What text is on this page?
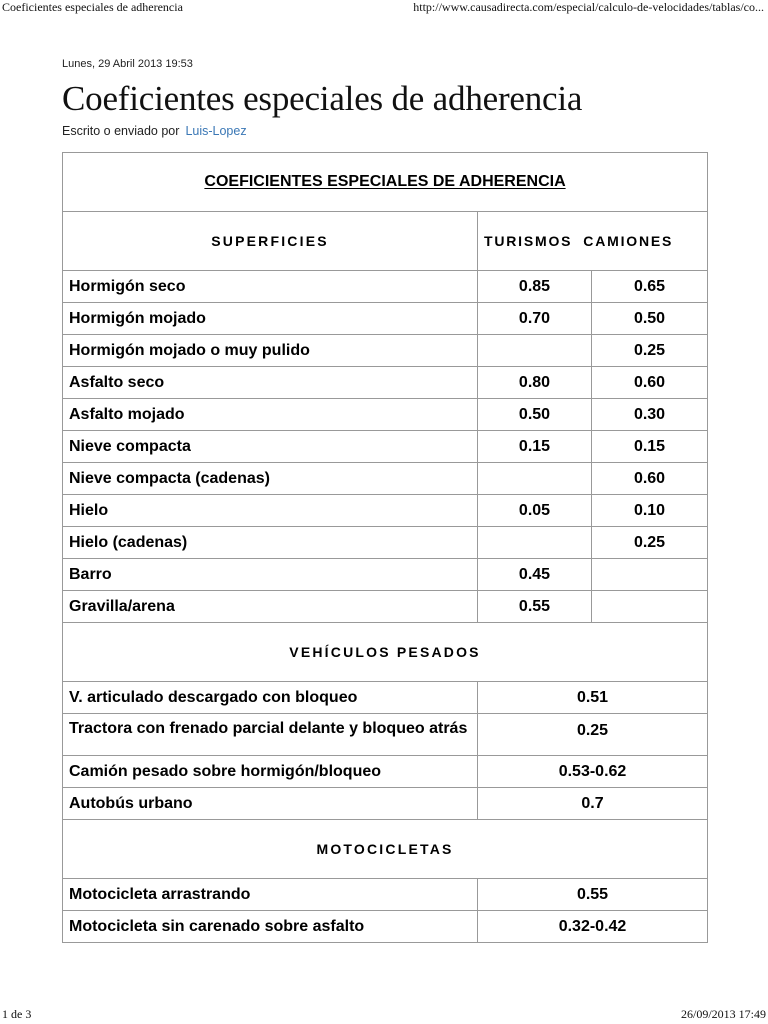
Coeficientes especiales de adherencia	http://www.causadirecta.com/especial/calculo-de-velocidades/tablas/co...
Lunes, 29 Abril 2013 19:53
Coeficientes especiales de adherencia
Escrito o enviado por Luis-Lopez
COEFICIENTES ESPECIALES DE ADHERENCIA		
SUPERFICIES	TURISMOS CAMIONES	
Hormigón seco	0.85	0.65
Hormigón mojado	0.70	0.50
Hormigón mojado o muy pulido		0.25
Asfalto seco	0.80	0.60
Asfalto mojado	0.50	0.30
Nieve compacta	0.15	0.15
Nieve compacta (cadenas)		0.60
Hielo	0.05	0.10
Hielo (cadenas)		0.25
Barro	0.45	
Gravilla/arena	0.55	
VEHÍCULOS PESADOS		
V. articulado descargado con bloqueo	0.51	
Tractora con frenado parcial delante y bloqueo atrás	0.25	
Camión pesado sobre hormigón/bloqueo	0.53-0.62	
Autobús urbano	0.7	
MOTOCICLETAS		
Motocicleta arrastrando	0.55	
Motocicleta sin carenado sobre asfalto	0.32-0.42	
1 de 3	26/09/2013 17:49
